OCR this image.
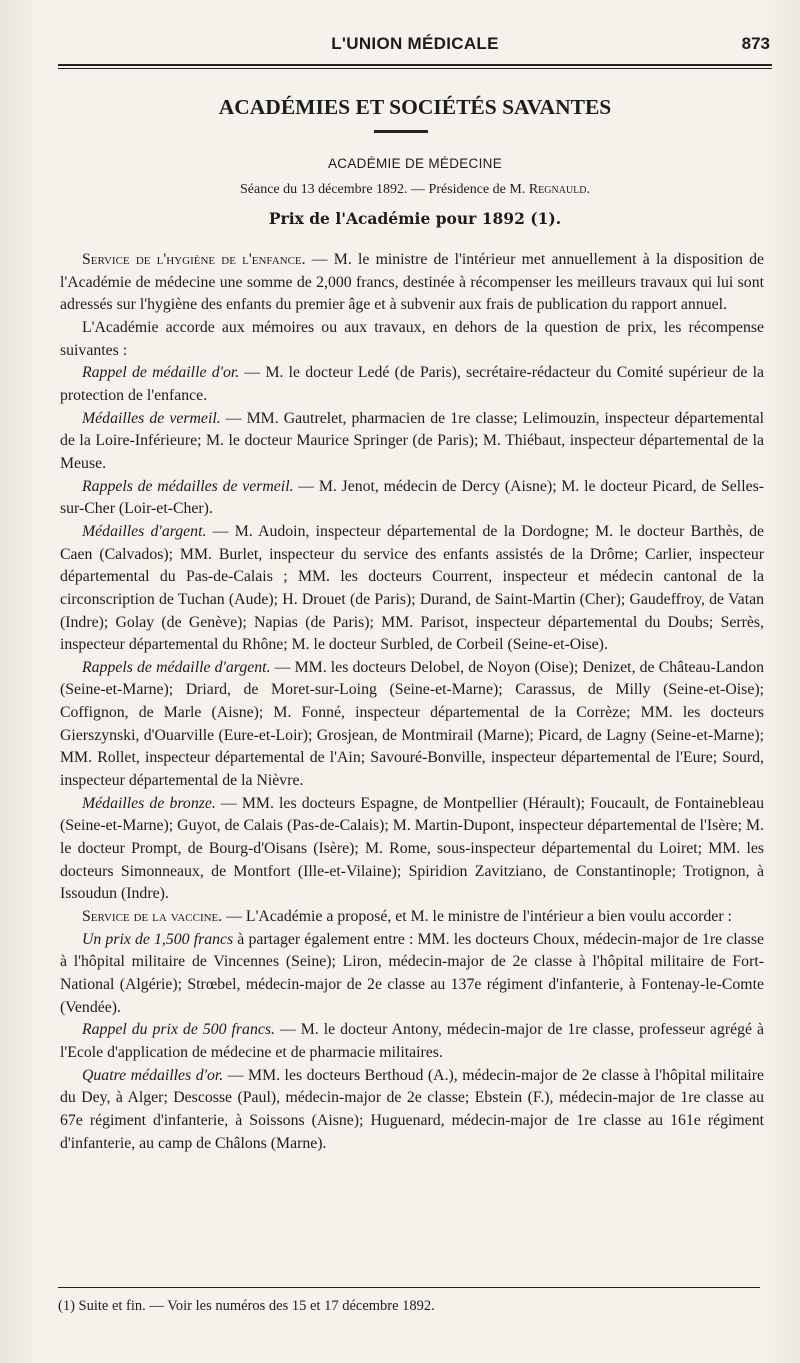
L'UNION MÉDICALE	873
ACADÉMIES ET SOCIÉTÉS SAVANTES
ACADÉMIE DE MÉDECINE
Séance du 13 décembre 1892. — Présidence de M. Regnauld.
Prix de l'Académie pour 1892 (1).

Service de l'hygiène de l'enfance. — M. le ministre de l'intérieur met annuellement à la disposition de l'Académie de médecine une somme de 2,000 francs, destinée à récompenser les meilleurs travaux qui lui sont adressés sur l'hygiène des enfants du premier âge et à subvenir aux frais de publication du rapport annuel.

L'Académie accorde aux mémoires ou aux travaux, en dehors de la question de prix, les récompense suivantes :

Rappel de médaille d'or. — M. le docteur Ledé (de Paris), secrétaire-rédacteur du Comité supérieur de la protection de l'enfance.

Médailles de vermeil. — MM. Gautrelet, pharmacien de 1re classe; Lelimouzin, inspecteur départemental de la Loire-Inférieure; M. le docteur Maurice Springer (de Paris); M. Thiébaut, inspecteur départemental de la Meuse.

Rappels de médailles de vermeil. — M. Jenot, médecin de Dercy (Aisne); M. le docteur Picard, de Selles-sur-Cher (Loir-et-Cher).

Médailles d'argent. — M. Audoin, inspecteur départemental de la Dordogne; M. le docteur Barthès, de Caen (Calvados); MM. Burlet, inspecteur du service des enfants assistés de la Drôme; Carlier, inspecteur départemental du Pas-de-Calais ; MM. les docteurs Courrent, inspecteur et médecin cantonal de la circonscription de Tuchan (Aude); H. Drouet (de Paris); Durand, de Saint-Martin (Cher); Gaudeffroy, de Vatan (Indre); Golay (de Genève); Napias (de Paris); MM. Parisot, inspecteur départemental du Doubs; Serrès, inspecteur départemental du Rhône; M. le docteur Surbled, de Corbeil (Seine-et-Oise).

Rappels de médaille d'argent. — MM. les docteurs Delobel, de Noyon (Oise); Denizet, de Château-Landon (Seine-et-Marne); Driard, de Moret-sur-Loing (Seine-et-Marne); Carassus, de Milly (Seine-et-Oise); Coffignon, de Marle (Aisne); M. Fonné, inspecteur départemental de la Corrèze; MM. les docteurs Gierszynski, d'Ouarville (Eure-et-Loir); Grosjean, de Montmirail (Marne); Picard, de Lagny (Seine-et-Marne); MM. Rollet, inspecteur départemental de l'Ain; Savouré-Bonville, inspecteur départemental de l'Eure; Sourd, inspecteur départemental de la Nièvre.

Médailles de bronze. — MM. les docteurs Espagne, de Montpellier (Hérault); Foucault, de Fontainebleau (Seine-et-Marne); Guyot, de Calais (Pas-de-Calais); M. Martin-Dupont, inspecteur départemental de l'Isère; M. le docteur Prompt, de Bourg-d'Oisans (Isère); M. Rome, sous-inspecteur départemental du Loiret; MM. les docteurs Simonneaux, de Montfort (Ille-et-Vilaine); Spiridion Zavitziano, de Constantinople; Trotignon, à Issoudun (Indre).

Service de la vaccine. — L'Académie a proposé, et M. le ministre de l'intérieur a bien voulu accorder :

Un prix de 1,500 francs à partager également entre : MM. les docteurs Choux, médecin-major de 1re classe à l'hôpital militaire de Vincennes (Seine); Liron, médecin-major de 2e classe à l'hôpital militaire de Fort-National (Algérie); Strœbel, médecin-major de 2e classe au 137e régiment d'infanterie, à Fontenay-le-Comte (Vendée).

Rappel du prix de 500 francs. — M. le docteur Antony, médecin-major de 1re classe, professeur agrégé à l'Ecole d'application de médecine et de pharmacie militaires.

Quatre médailles d'or. — MM. les docteurs Berthoud (A.), médecin-major de 2e classe à l'hôpital militaire du Dey, à Alger; Descosse (Paul), médecin-major de 2e classe; Ebstein (F.), médecin-major de 1re classe au 67e régiment d'infanterie, à Soissons (Aisne); Huguenard, médecin-major de 1re classe au 161e régiment d'infanterie, au camp de Châlons (Marne).

(1) Suite et fin. — Voir les numéros des 15 et 17 décembre 1892.
